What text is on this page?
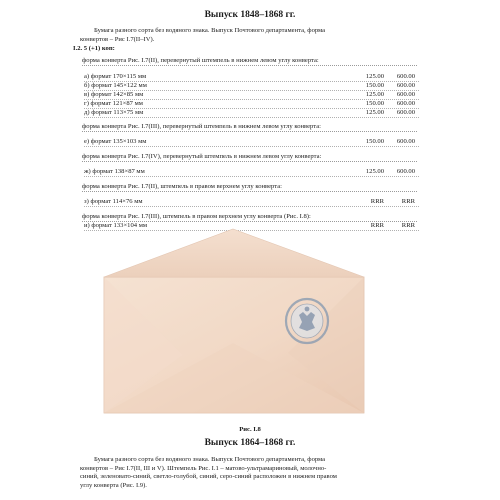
Выпуск 1848–1868 гг.
Бумага разного сорта без водяного знака. Выпуск Почтового департамента, форма
конвертов – Рис I.7(II–IV).
I.2. 5 (+1) коп:
форма конверта Рис. I.7(II), перевернутый штемпель в нижнем левом углу конверта:
а) формат 170×115 мм	125.00	600.00
б) формат 145×122 мм	150.00	600.00
в) формат 142×85 мм	125.00	600.00
г) формат 121×87 мм	150.00	600.00
д) формат 113×75 мм	125.00	600.00
форма конверта Рис. I.7(III), перевернутый штемпель в нижнем левом углу конверта:
е) формат 135×103 мм	150.00	600.00
форма конверта Рис. I.7(IV), перевернутый штемпель в нижнем левом углу конверта:
ж) формат 138×87 мм	125.00	600.00
форма конверта Рис. I.7(II), штемпель в правом верхнем углу конверта:
з) формат 114×76 мм	RRR	RRR
форма конверта Рис. I.7(III), штемпель в правом верхнем углу конверта (Рис. I.8):
и) формат 133×104 мм	RRR	RRR
Рис. I.8
Выпуск 1864–1868 гг.
Бумага разного сорта без водяного знака. Выпуск Почтового департамента, форма
конвертов – Рис I.7(II, III и V). Штемпель Рис. I.1 – матово-ультрамариновый, молочно-
синий, зеленовато-синий, светло-голубой, синий, серо-синий расположен в нижнем правом
углу конверта (Рис. I.9).
